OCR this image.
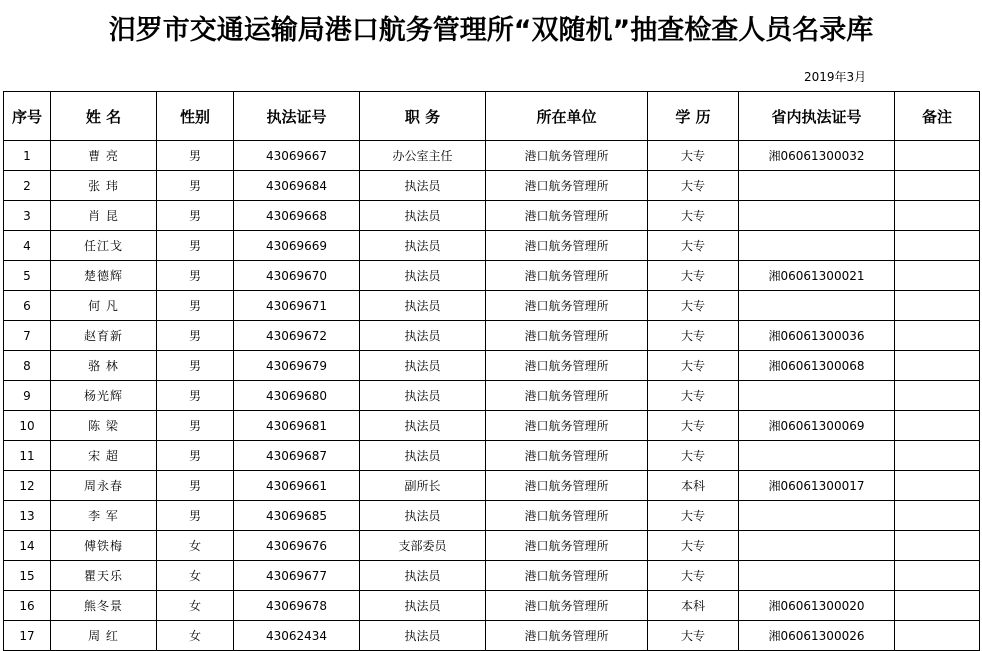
汨罗市交通运输局港口航务管理所“双随机”抽查检查人员名录库
2019年3月
序号	姓 名	性别	执法证号	职 务	所在单位	学 历	省内执法证号	备注
1	曹 亮	男	43069667	办公室主任	港口航务管理所	大专	湘06061300032	
2	张 玮	男	43069684	执法员	港口航务管理所	大专		
3	肖 昆	男	43069668	执法员	港口航务管理所	大专		
4	任江戈	男	43069669	执法员	港口航务管理所	大专		
5	楚德辉	男	43069670	执法员	港口航务管理所	大专	湘06061300021	
6	何 凡	男	43069671	执法员	港口航务管理所	大专		
7	赵育新	男	43069672	执法员	港口航务管理所	大专	湘06061300036	
8	骆 林	男	43069679	执法员	港口航务管理所	大专	湘06061300068	
9	杨光辉	男	43069680	执法员	港口航务管理所	大专		
10	陈 梁	男	43069681	执法员	港口航务管理所	大专	湘06061300069	
11	宋 超	男	43069687	执法员	港口航务管理所	大专		
12	周永春	男	43069661	副所长	港口航务管理所	本科	湘06061300017	
13	李 军	男	43069685	执法员	港口航务管理所	大专		
14	傅铁梅	女	43069676	支部委员	港口航务管理所	大专		
15	瞿天乐	女	43069677	执法员	港口航务管理所	大专		
16	熊冬景	女	43069678	执法员	港口航务管理所	本科	湘06061300020	
17	周 红	女	43062434	执法员	港口航务管理所	大专	湘06061300026	
